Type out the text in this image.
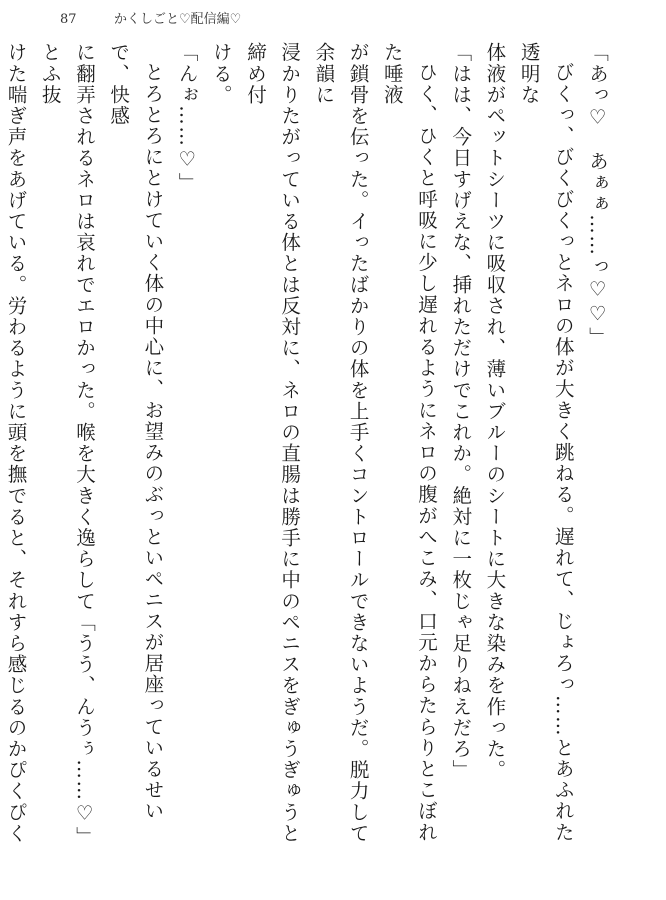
87	かくしごと♡配信編♡

「あっ♡　あぁぁ……っ♡♡」

びくっ、びくびくっとネロの体が大きく跳ねる。遅れて、じょろっ……とあふれた透明な

体液がペットシーツに吸収され、薄いブルーのシートに大きな染みを作った。

「はは、今日すげえな、挿れただけでこれか。絶対に一枚じゃ足りねえだろ」

ひく、ひくと呼吸に少し遅れるようにネロの腹がへこみ、口元からたらりとこぼれた唾液

が鎖骨を伝った。イったばかりの体を上手くコントロールできないようだ。脱力して余韻に

浸かりたがっている体とは反対に、ネロの直腸は勝手に中のペニスをぎゅうぎゅうと締め付

ける。

「んぉ……♡」

とろとろにとけていく体の中心に、お望みのぶっといペニスが居座っているせいで、快感

に翻弄されるネロは哀れでエロかった。喉を大きく逸らして「うう、んうぅ……♡」とふ抜

けた喘ぎ声をあげている。労わるように頭を撫でると、それすら感じるのかぴくぴく
